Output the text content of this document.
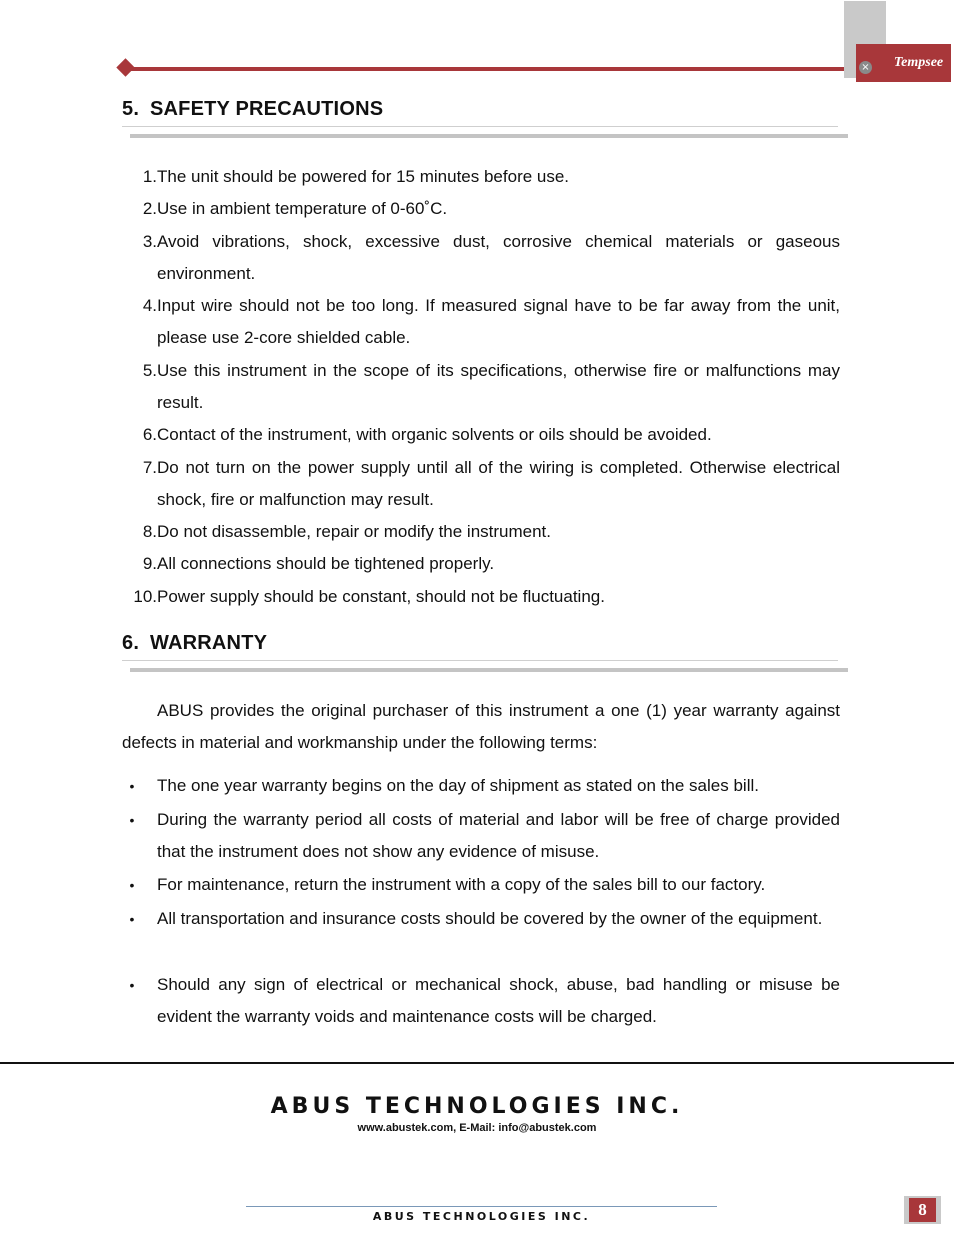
Tempsee
×
5. SAFETY PRECAUTIONS
1. The unit should be powered for 15 minutes before use.
2. Use in ambient temperature of 0-60˚C.
3. Avoid vibrations, shock, excessive dust, corrosive chemical materials or gaseous environment.
4. Input wire should not be too long. If measured signal have to be far away from the unit, please use 2-core shielded cable.
5. Use this instrument in the scope of its specifications, otherwise fire or malfunctions may result.
6. Contact of the instrument, with organic solvents or oils should be avoided.
7. Do not turn on the power supply until all of the wiring is completed. Otherwise electrical shock, fire or malfunction may result.
8. Do not disassemble, repair or modify the instrument.
9. All connections should be tightened properly.
10. Power supply should be constant, should not be fluctuating.
6. WARRANTY
ABUS provides the original purchaser of this instrument a one (1) year warranty against defects in material and workmanship under the following terms:
•	The one year warranty begins on the day of shipment as stated on the sales bill.
•	During the warranty period all costs of material and labor will be free of charge provided that the instrument does not show any evidence of misuse.
•	For maintenance, return the instrument with a copy of the sales bill to our factory.
•	All transportation and insurance costs should be covered by the owner of the equipment.
•	Should any sign of electrical or mechanical shock, abuse, bad handling or misuse be evident the warranty voids and maintenance costs will be charged.
ABUS TECHNOLOGIES INC.
www.abustek.com, E-Mail: info@abustek.com
ABUS TECHNOLOGIES INC.	8
